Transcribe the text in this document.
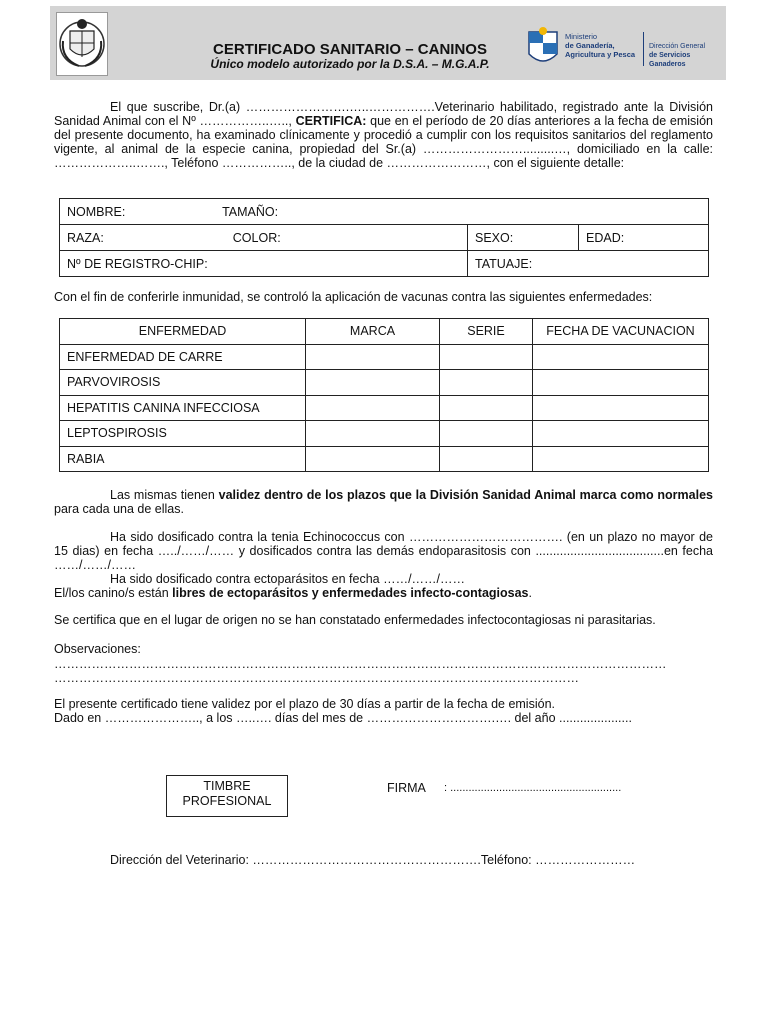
CERTIFICADO SANITARIO – CANINOS
Único modelo autorizado por la D.S.A. – M.G.A.P.
Ministerio
de Ganadería,
Agricultura y Pesca
Dirección General
de Servicios Ganaderos
El que suscribe, Dr.(a) …………………….…..…………….Veterinario habilitado, registrado ante la División Sanidad Animal con el Nº ……………..….., CERTIFICA: que en el período de 20 días anteriores a la fecha de emisión del presente documento, ha examinado clínicamente y procedió a cumplir con los requisitos sanitarios del reglamento vigente, al animal de la especie canina, propiedad del Sr.(a) …………………….........…, domiciliado en la calle: ………………..……., Teléfono …………….., de la ciudad de ……………………, con el siguiente detalle:
NOMBRE: TAMAÑO:		
RAZA: COLOR:	SEXO:	EDAD:
Nº DE REGISTRO-CHIP:	TATUAJE:	
Con el fin de conferirle inmunidad, se controló la aplicación de vacunas contra las siguientes enfermedades:
ENFERMEDAD	MARCA	SERIE	FECHA DE VACUNACION
ENFERMEDAD DE CARRE			
PARVOVIROSIS			
HEPATITIS CANINA INFECCIOSA			
LEPTOSPIROSIS			
RABIA			
Las mismas tienen validez dentro de los plazos que la División Sanidad Animal marca como normales para cada una de ellas.
Ha sido dosificado contra la tenia Echinococcus con ………………………………. (en un plazo no mayor de 15 dias) en fecha …../……/…… y dosificados contra las demás endoparasitosis con .....................................en fecha ……/……/……
Ha sido dosificado contra ectoparásitos en fecha ……/……/……
El/los canino/s están libres de ectoparásitos y enfermedades infecto-contagiosas.
Se certifica que en el lugar de origen no se han constatado enfermedades infectocontagiosas ni parasitarias.
Observaciones:
…………………………………………………………………………………………………………………………………
………………………………………………………………………………………………………………
El presente certificado tiene validez por el plazo de 30 días a partir de la fecha de emisión.
Dado en ………………….., a los …..…. días del mes de ………………………….…. del año .....................
TIMBRE
PROFESIONAL
FIRMA : ........................................................
Dirección del Veterinario: ……………………………………………….Teléfono: ……………………
